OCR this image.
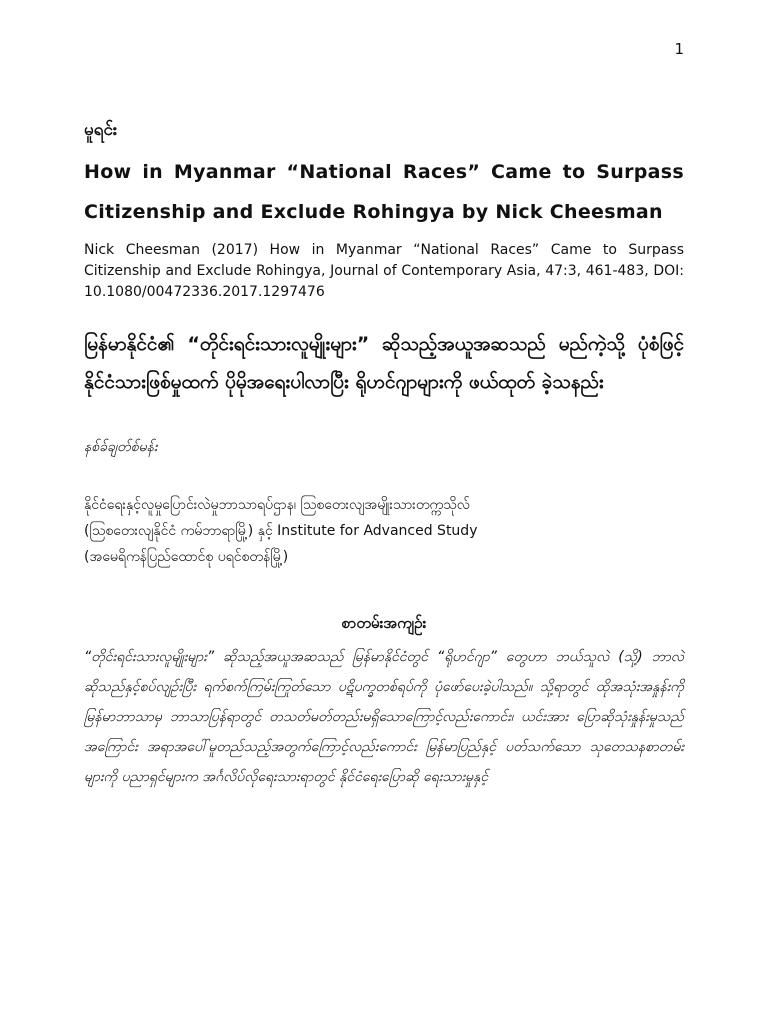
1

မူရင်း

How in Myanmar “National Races” Came to Surpass Citizenship and Exclude Rohingya by Nick Cheesman

Nick Cheesman (2017) How in Myanmar “National Races” Came to Surpass Citizenship and Exclude Rohingya, Journal of Contemporary Asia, 47:3, 461-483, DOI: 10.1080/00472336.2017.1297476

မြန်မာနိုင်ငံ၏ “တိုင်းရင်းသားလူမျိုးများ” ဆိုသည့်အယူအဆသည် မည်ကဲ့သို့ ပုံစံဖြင့် နိုင်ငံသားဖြစ်မှုထက် ပိုမိုအရေးပါလာပြီး ရိုဟင်ဂျာများကို ဖယ်ထုတ် ခဲ့သနည်း

နစ်ခ်ချတ်စ်မန်း

နိုင်ငံရေးနှင့်လူမှုပြောင်းလဲမှုဘာသာရပ်ဌာန၊ ဩစတေးလျအမျိုးသားတက္ကသိုလ်
(ဩစတေးလျနိုင်ငံ ကမ်ဘာရာမြို့) နှင့် Institute for Advanced Study
(အမေရိကန်ပြည်ထောင်စု ပရင်စတန်မြို့)

စာတမ်းအကျဉ်း

“တိုင်းရင်းသားလူမျိုးများ” ဆိုသည့်အယူအဆသည် မြန်မာနိုင်ငံတွင် “ရိုဟင်ဂျာ” တွေဟာ ဘယ်သူလဲ (သို့) ဘာလဲ ဆိုသည်နှင့်စပ်လျဉ်းပြီး ရက်စက်ကြမ်းကြုတ်သော ပဋိပက္ခတစ်ရပ်ကို ပုံဖော်ပေးခဲ့ပါသည်။ သို့ရာတွင် ထိုအသုံးအနှုန်းကို မြန်မာဘာသာမှ ဘာသာပြန်ရာတွင် တသတ်မတ်တည်းမရှိသောကြောင့်လည်းကောင်း၊ ယင်းအား ပြောဆိုသုံးနှုန်းမှုသည် အကြောင်း အရာအပေါ်မူတည်သည့်အတွက်ကြောင့်လည်းကောင်း မြန်မာပြည်နှင့် ပတ်သက်သော သုတေသနစာတမ်းများကို ပညာရှင်များက အင်္ဂလိပ်လိုရေးသားရာတွင် နိုင်ငံရေးပြောဆို ရေးသားမှုနှင့်
